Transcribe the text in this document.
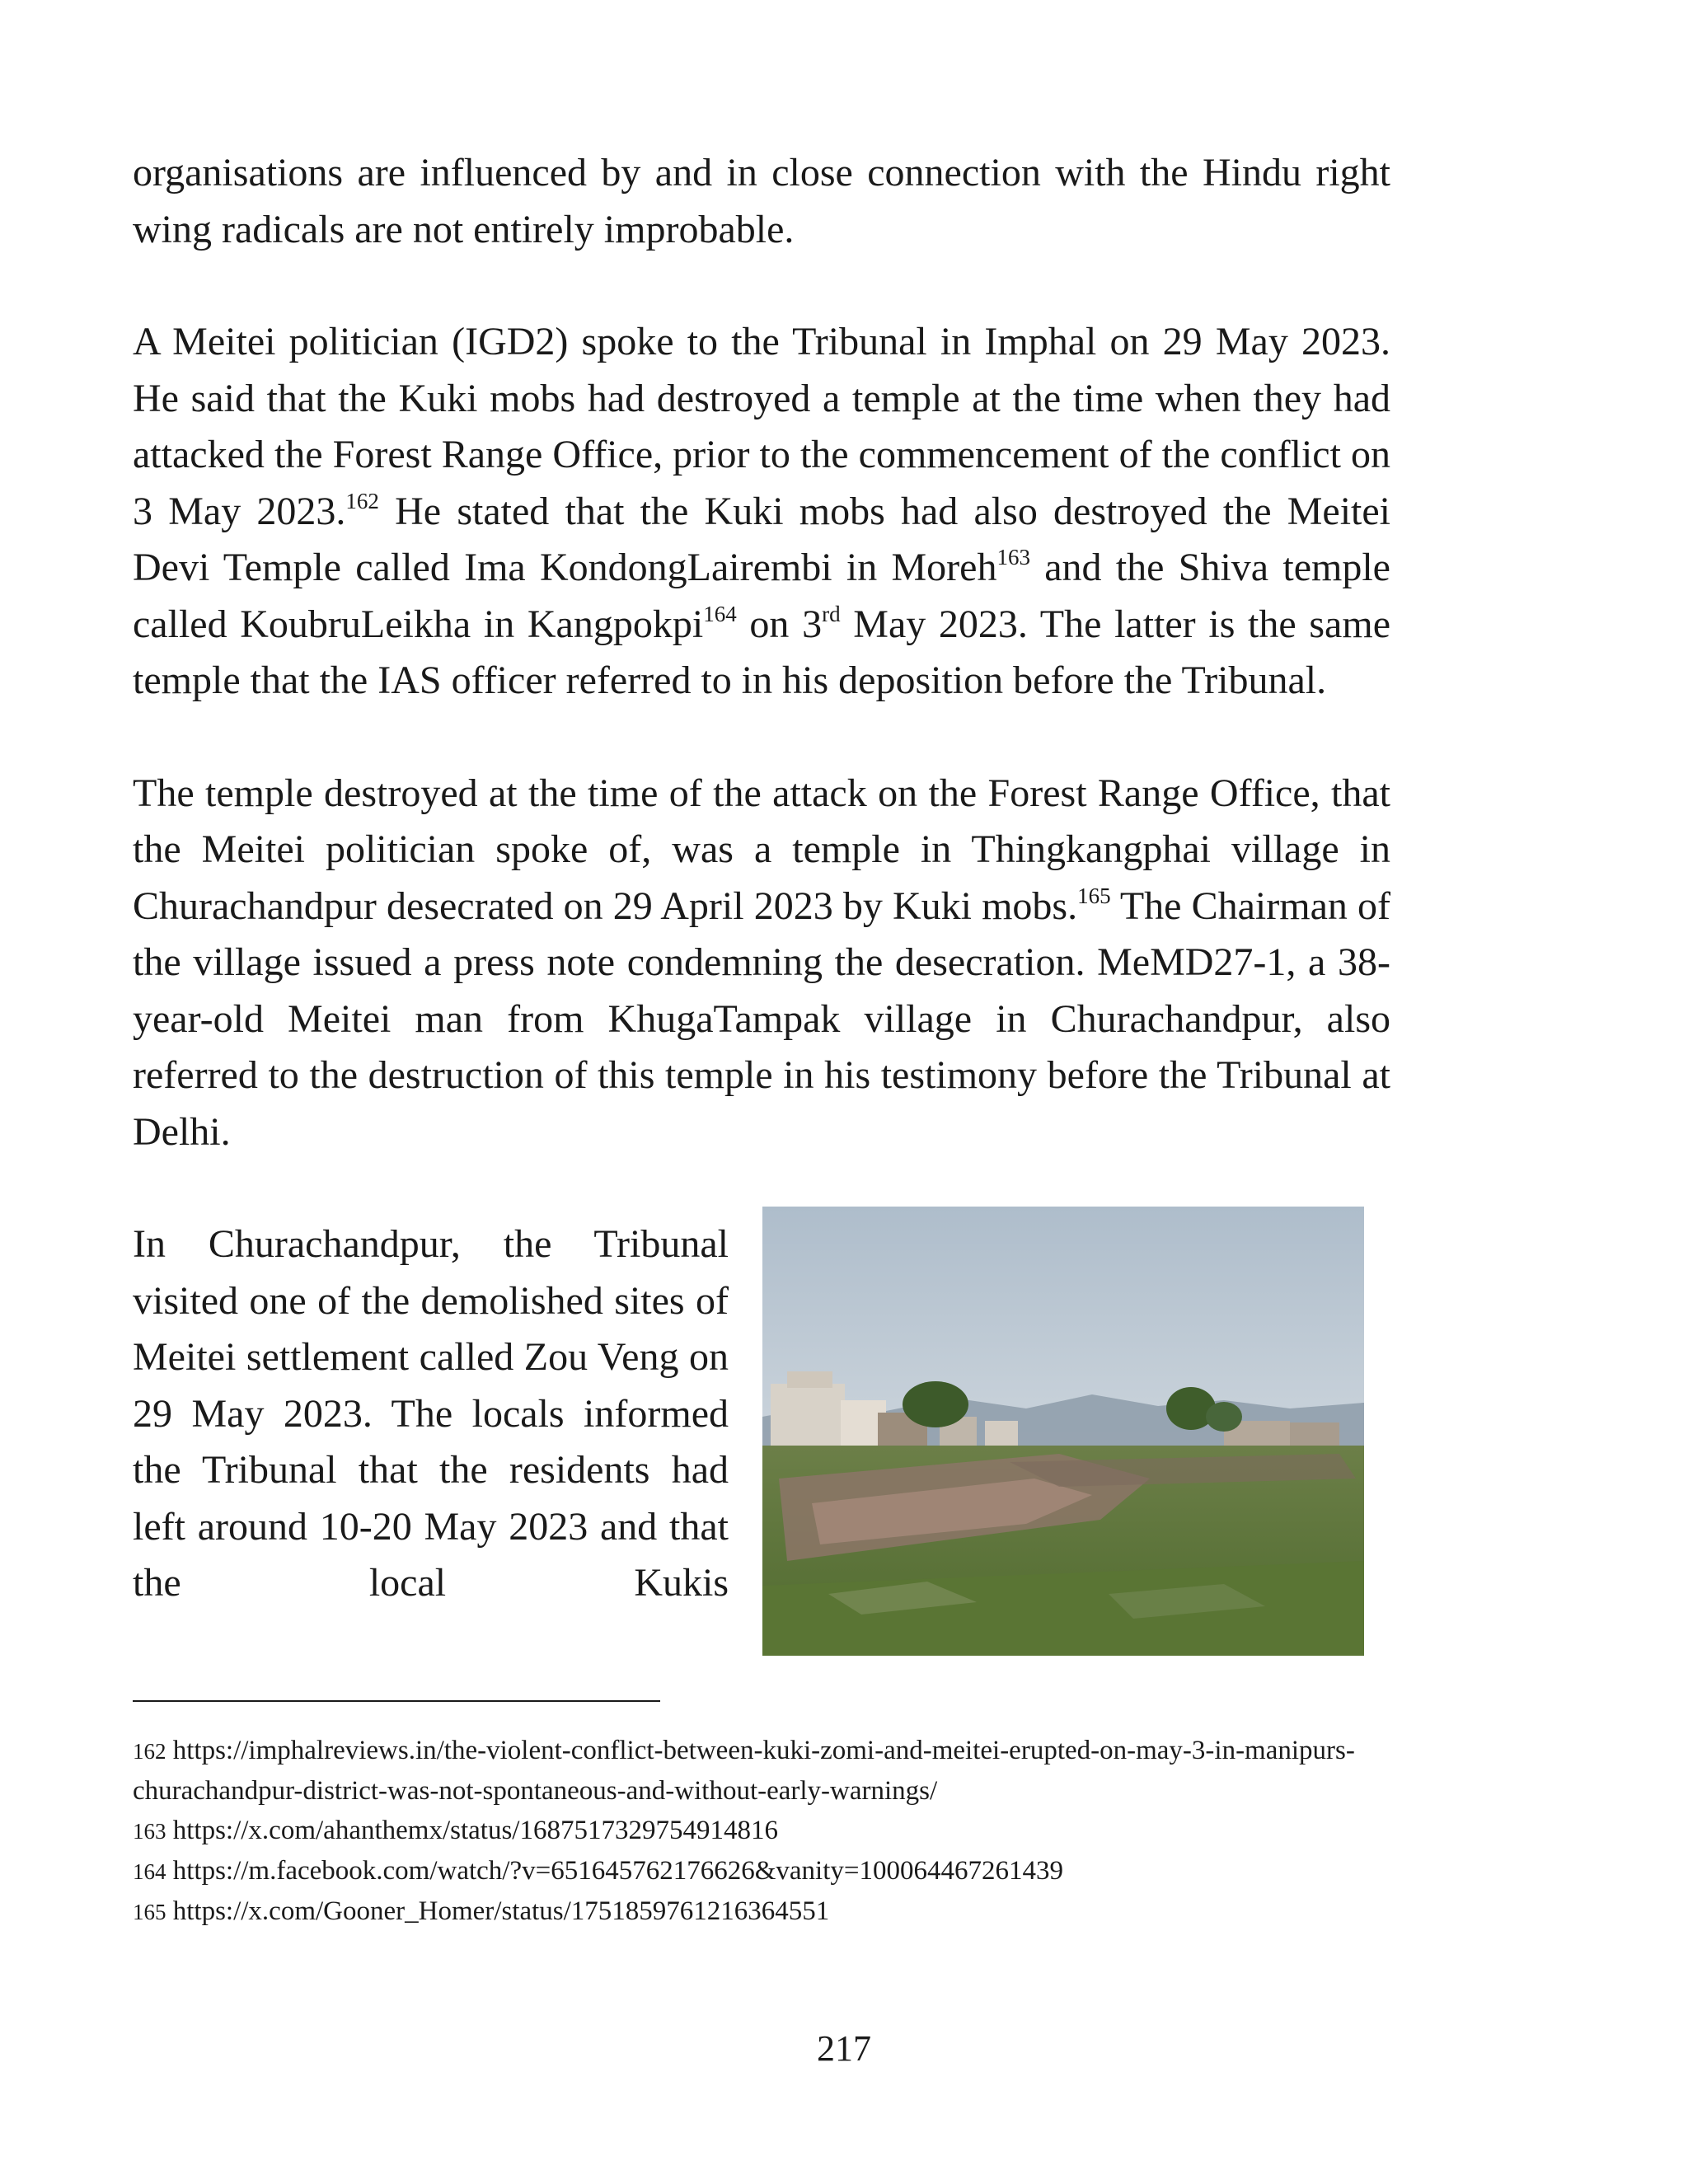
organisations are influenced by and in close connection with the Hindu right wing radicals are not entirely improbable.

A Meitei politician (IGD2) spoke to the Tribunal in Imphal on 29 May 2023. He said that the Kuki mobs had destroyed a temple at the time when they had attacked the Forest Range Office, prior to the commencement of the conflict on 3 May 2023.$^{162}$ He stated that the Kuki mobs had also destroyed the Meitei Devi Temple called Ima KondongLairembi in Moreh$^{163}$ and the Shiva temple called KoubruLeikha in Kangpokpi$^{164}$ on 3rd May 2023. The latter is the same temple that the IAS officer referred to in his deposition before the Tribunal.

The temple destroyed at the time of the attack on the Forest Range Office, that the Meitei politician spoke of, was a temple in Thingkangphai village in Churachandpur desecrated on 29 April 2023 by Kuki mobs.$^{165}$ The Chairman of the village issued a press note condemning the desecration. MeMD27-1, a 38-year-old Meitei man from KhugaTampak village in Churachandpur, also referred to the destruction of this temple in his testimony before the Tribunal at Delhi.

In Churachandpur, the Tribunal visited one of the demolished sites of Meitei settlement called Zou Veng on 29 May 2023. The locals informed the Tribunal that the residents had left around 10-20 May 2023 and that the local Kukis

162 https://imphalreviews.in/the-violent-conflict-between-kuki-zomi-and-meitei-erupted-on-may-3-in-manipurs-churachandpur-district-was-not-spontaneous-and-without-early-warnings/

163 https://x.com/ahanthemx/status/1687517329754914816

164 https://m.facebook.com/watch/?v=651645762176626&vanity=100064467261439

165 https://x.com/Gooner_Homer/status/1751859761216364551

217
